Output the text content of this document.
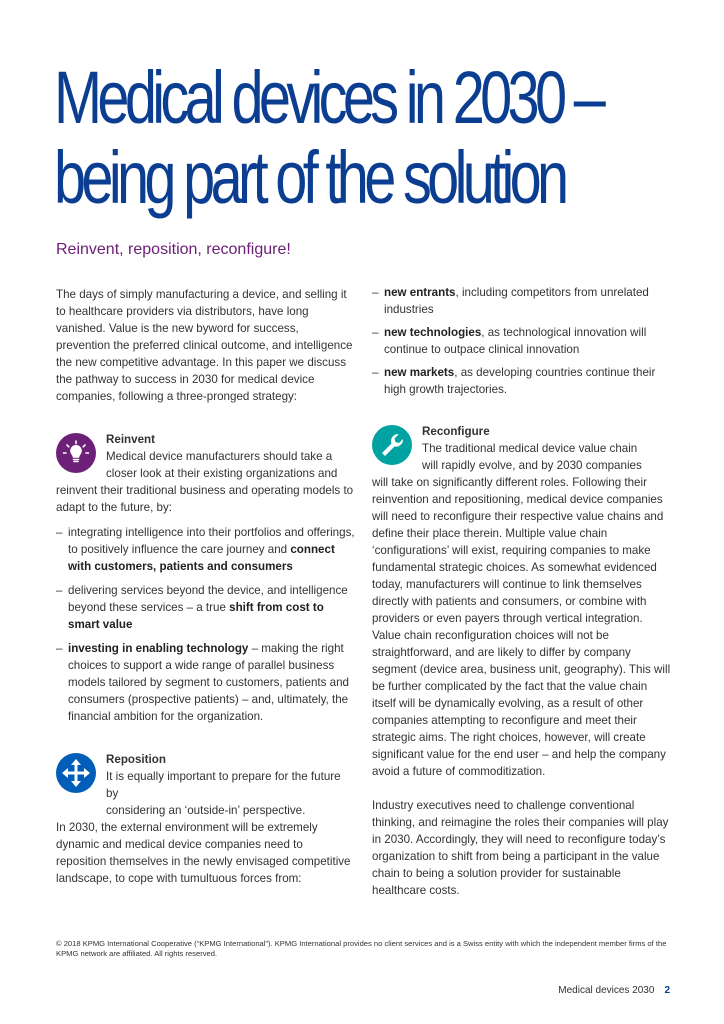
Medical devices in 2030 –
being part of the solution
Reinvent, reposition, reconfigure!

The days of simply manufacturing a device, and selling it to healthcare providers via distributors, have long vanished. Value is the new byword for success, prevention the preferred clinical outcome, and intelligence the new competitive advantage. In this paper we discuss the pathway to success in 2030 for medical device companies, following a three-pronged strategy:

Reinvent
Medical device manufacturers should take a
closer look at their existing organizations and

reinvent their traditional business and operating models to adapt to the future, by:

– integrating intelligence into their portfolios and offerings, to positively influence the care journey and connect with customers, patients and consumers
– delivering services beyond the device, and intelligence beyond these services – a true shift from cost to smart value
– investing in enabling technology – making the right choices to support a wide range of parallel business models tailored by segment to customers, patients and consumers (prospective patients) – and, ultimately, the financial ambition for the organization.
Reposition
It is equally important to prepare for the future by
considering an ‘outside-in’ perspective.

In 2030, the external environment will be extremely dynamic and medical device companies need to reposition themselves in the newly envisaged competitive landscape, to cope with tumultuous forces from:

– new entrants, including competitors from unrelated industries
– new technologies, as technological innovation will continue to outpace clinical innovation
– new markets, as developing countries continue their high growth trajectories.
Reconfigure
The traditional medical device value chain
will rapidly evolve, and by 2030 companies

will take on significantly different roles. Following their reinvention and repositioning, medical device companies will need to reconfigure their respective value chains and define their place therein. Multiple value chain ‘configurations’ will exist, requiring companies to make fundamental strategic choices. As somewhat evidenced today, manufacturers will continue to link themselves directly with patients and consumers, or combine with providers or even payers through vertical integration. Value chain reconfiguration choices will not be straightforward, and are likely to differ by company segment (device area, business unit, geography). This will be further complicated by the fact that the value chain itself will be dynamically evolving, as a result of other companies attempting to reconfigure and meet their strategic aims. The right choices, however, will create significant value for the end user – and help the company avoid a future of commoditization.

Industry executives need to challenge conventional thinking, and reimagine the roles their companies will play in 2030. Accordingly, they will need to reconfigure today’s organization to shift from being a participant in the value chain to being a solution provider for sustainable healthcare costs.

© 2018 KPMG International Cooperative (“KPMG International”). KPMG International provides no client services and is a Swiss entity with which the independent member firms of the KPMG network are affiliated. All rights reserved.
Medical devices 2030 2
